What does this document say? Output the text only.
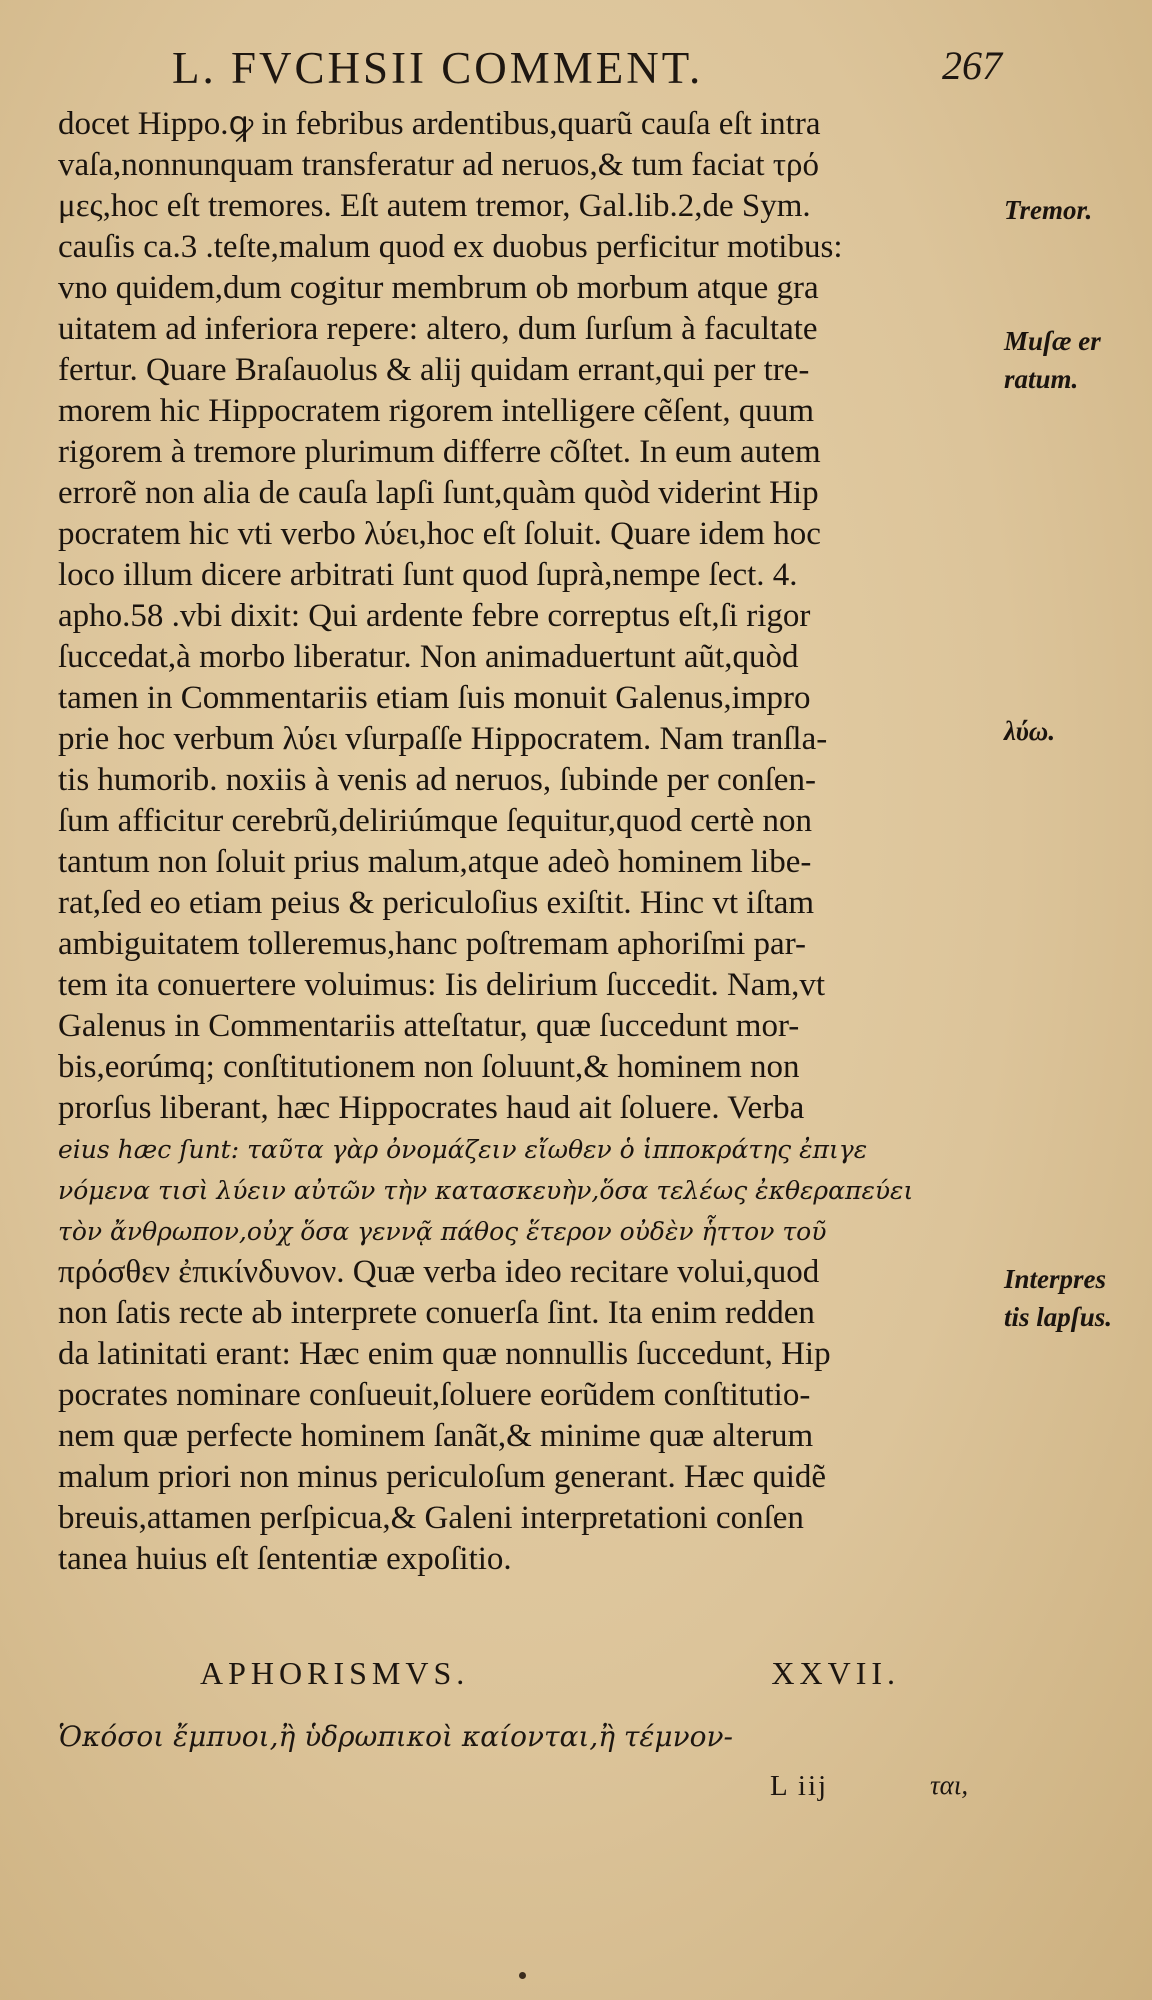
L. FVCHSII COMMENT.	267
docet Hippo.ꝙ in febribus ardentibus,quarũ cauſa eſt intra
vaſa,nonnunquam transferatur ad neruos,& tum faciat τρό
μες,hoc eſt tremores. Eſt autem tremor, Gal.lib.2,de Sym.
cauſis ca.3 .teſte,malum quod ex duobus perficitur motibus:
vno quidem,dum cogitur membrum ob morbum atque gra
uitatem ad inferiora repere: altero, dum ſurſum à facultate
fertur. Quare Braſauolus & alij quidam errant,qui per tre-
morem hic Hippocratem rigorem intelligere cẽſent, quum
rigorem à tremore plurimum differre cõſtet. In eum autem
errorẽ non alia de cauſa lapſi ſunt,quàm quòd viderint Hip
pocratem hic vti verbo λύει,hoc eſt ſoluit. Quare idem hoc
loco illum dicere arbitrati ſunt quod ſuprà,nempe ſect. 4.
apho.58 .vbi dixit: Qui ardente febre correptus eſt,ſi rigor
ſuccedat,à morbo liberatur. Non animaduertunt aũt,quòd
tamen in Commentariis etiam ſuis monuit Galenus,impro
prie hoc verbum λύει vſurpaſſe Hippocratem. Nam tranſla-
tis humorib. noxiis à venis ad neruos, ſubinde per conſen-
ſum afficitur cerebrũ,deliriúmque ſequitur,quod certè non
tantum non ſoluit prius malum,atque adeò hominem libe-
rat,ſed eo etiam peius & periculoſius exiſtit. Hinc vt iſtam
ambiguitatem tolleremus,hanc poſtremam aphoriſmi par-
tem ita conuertere voluimus: Iis delirium ſuccedit. Nam,vt
Galenus in Commentariis atteſtatur, quæ ſuccedunt mor-
bis,eorúmq; conſtitutionem non ſoluunt,& hominem non
prorſus liberant, hæc Hippocrates haud ait ſoluere. Verba
eius hæc ſunt: ταῦτα γὰρ ὀνομάζειν εἴωθεν ὁ ἱπποκράτης ἐπιγε
νόμενα τισὶ λύειν αὐτῶν τὴν κατασκευὴν,ὅσα τελέως ἐκθεραπεύει
τὸν ἄνθρωπον,οὐχ ὅσα γεννᾷ πάθος ἕτερον οὐδὲν ἧττον τοῦ
πρόσθεν ἐπικίνδυνον. Quæ verba ideo recitare volui,quod
non ſatis recte ab interprete conuerſa ſint. Ita enim redden
da latinitati erant: Hæc enim quæ nonnullis ſuccedunt, Hip
pocrates nominare conſueuit,ſoluere eorũdem conſtitutio-
nem quæ perfecte hominem ſanãt,& minime quæ alterum
malum priori non minus periculoſum generant. Hæc quidẽ
breuis,attamen perſpicua,& Galeni interpretationi conſen
tanea huius eſt ſententiæ expoſitio.
Tremor.
Muſæ er
ratum.
λύω.
Interpres
tis lapſus.
APHORISMVS.	XXVII.
Ὁκόσοι ἔμπυοι,ἢ ὑδρωπικοὶ καίονται,ἢ τέμνον-
L iij	ται,
